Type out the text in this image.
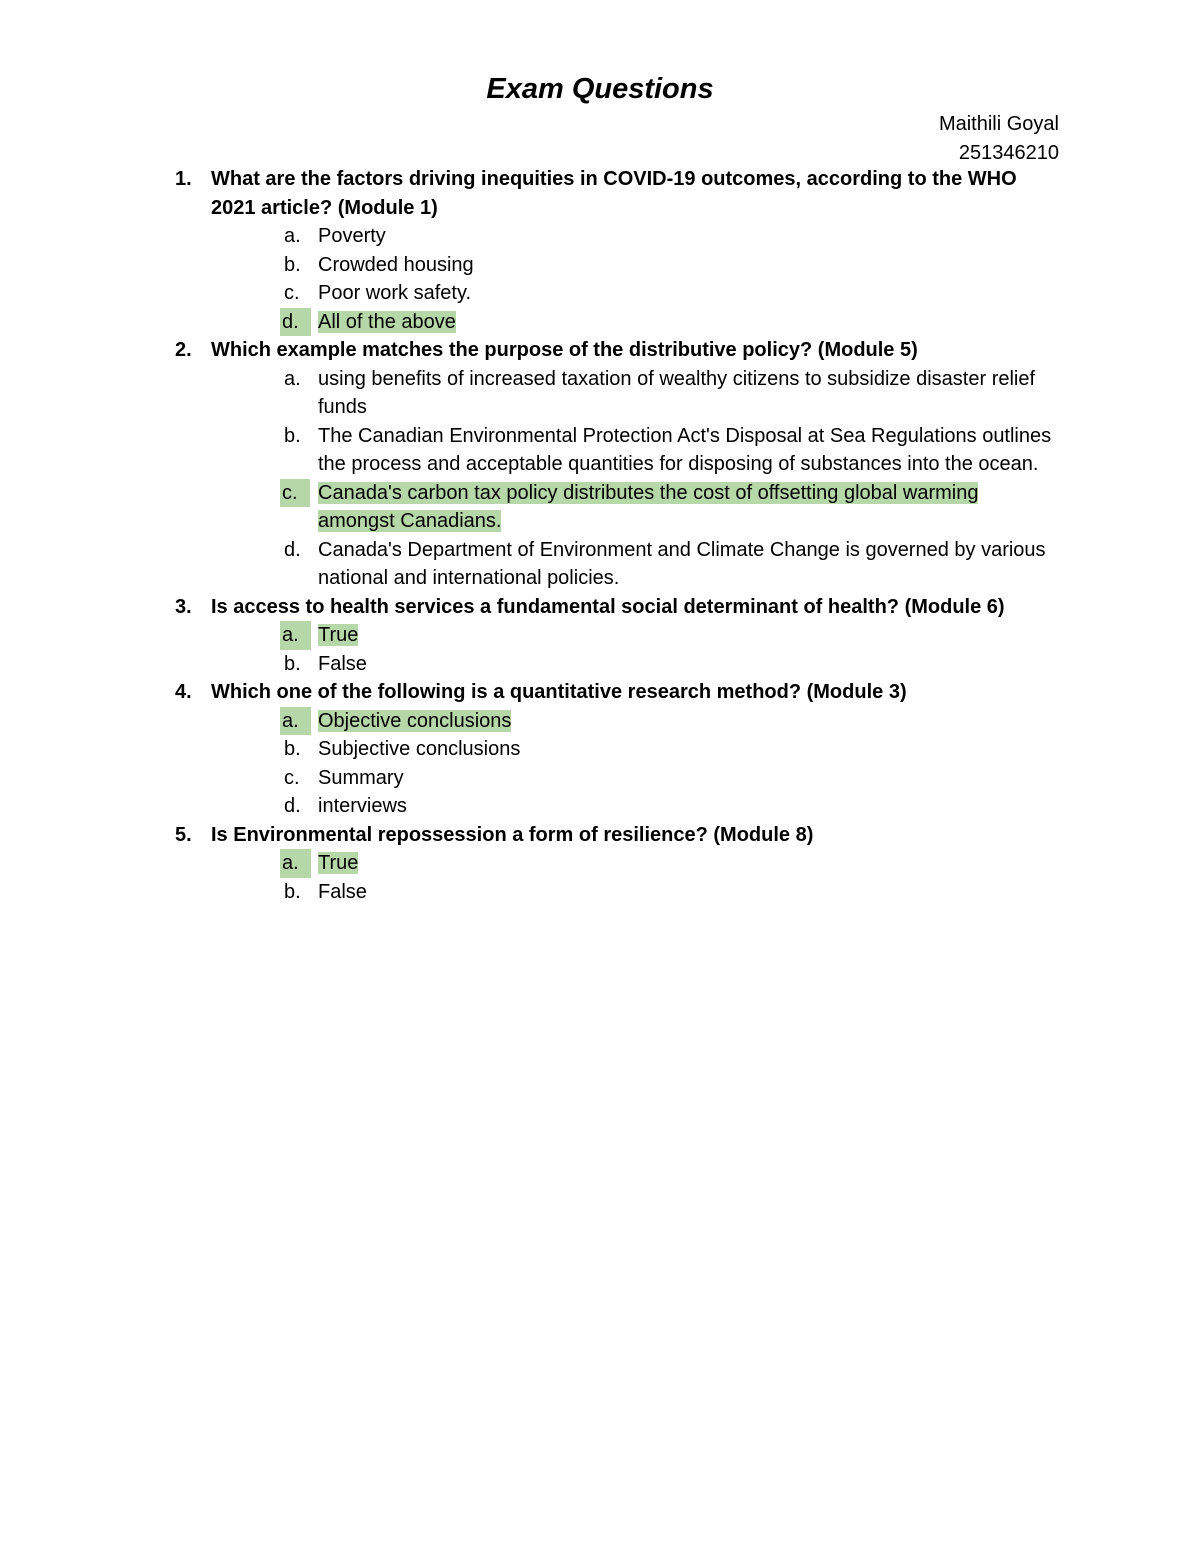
Exam Questions
Maithili Goyal
251346210
1. What are the factors driving inequities in COVID-19 outcomes, according to the WHO 2021 article? (Module 1)
a. Poverty
b. Crowded housing
c. Poor work safety.
d. All of the above
2. Which example matches the purpose of the distributive policy? (Module 5)
a. using benefits of increased taxation of wealthy citizens to subsidize disaster relief funds
b. The Canadian Environmental Protection Act's Disposal at Sea Regulations outlines the process and acceptable quantities for disposing of substances into the ocean.
c.	Canada's carbon tax policy distributes the cost of offsetting global warming amongst Canadians.
d. Canada's Department of Environment and Climate Change is governed by various national and international policies.
3. Is access to health services a fundamental social determinant of health? (Module 6)
a. True
b. False
4. Which one of the following is a quantitative research method? (Module 3)
a. Objective conclusions
b. Subjective conclusions
c. Summary
d. interviews
5. Is Environmental repossession a form of resilience? (Module 8)
a. True
b. False
